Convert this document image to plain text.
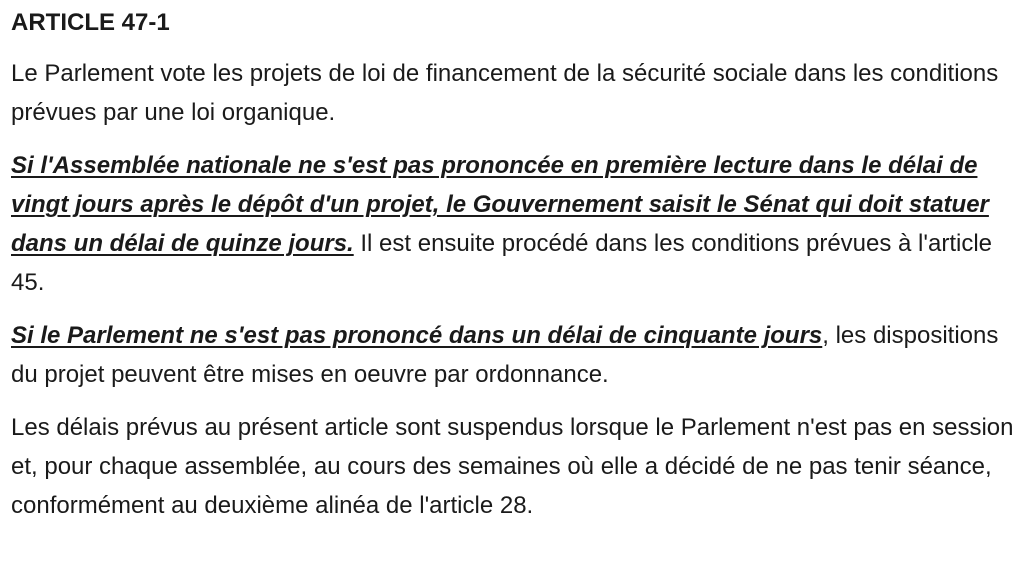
ARTICLE 47-1

Le Parlement vote les projets de loi de financement de la sécurité sociale dans les conditions prévues par une loi organique.

Si l'Assemblée nationale ne s'est pas prononcée en première lecture dans le délai de vingt jours après le dépôt d'un projet, le Gouvernement saisit le Sénat qui doit statuer dans un délai de quinze jours. Il est ensuite procédé dans les conditions prévues à l'article 45.

Si le Parlement ne s'est pas prononcé dans un délai de cinquante jours, les dispositions du projet peuvent être mises en oeuvre par ordonnance.

Les délais prévus au présent article sont suspendus lorsque le Parlement n'est pas en session et, pour chaque assemblée, au cours des semaines où elle a décidé de ne pas tenir séance, conformément au deuxième alinéa de l'article 28.
